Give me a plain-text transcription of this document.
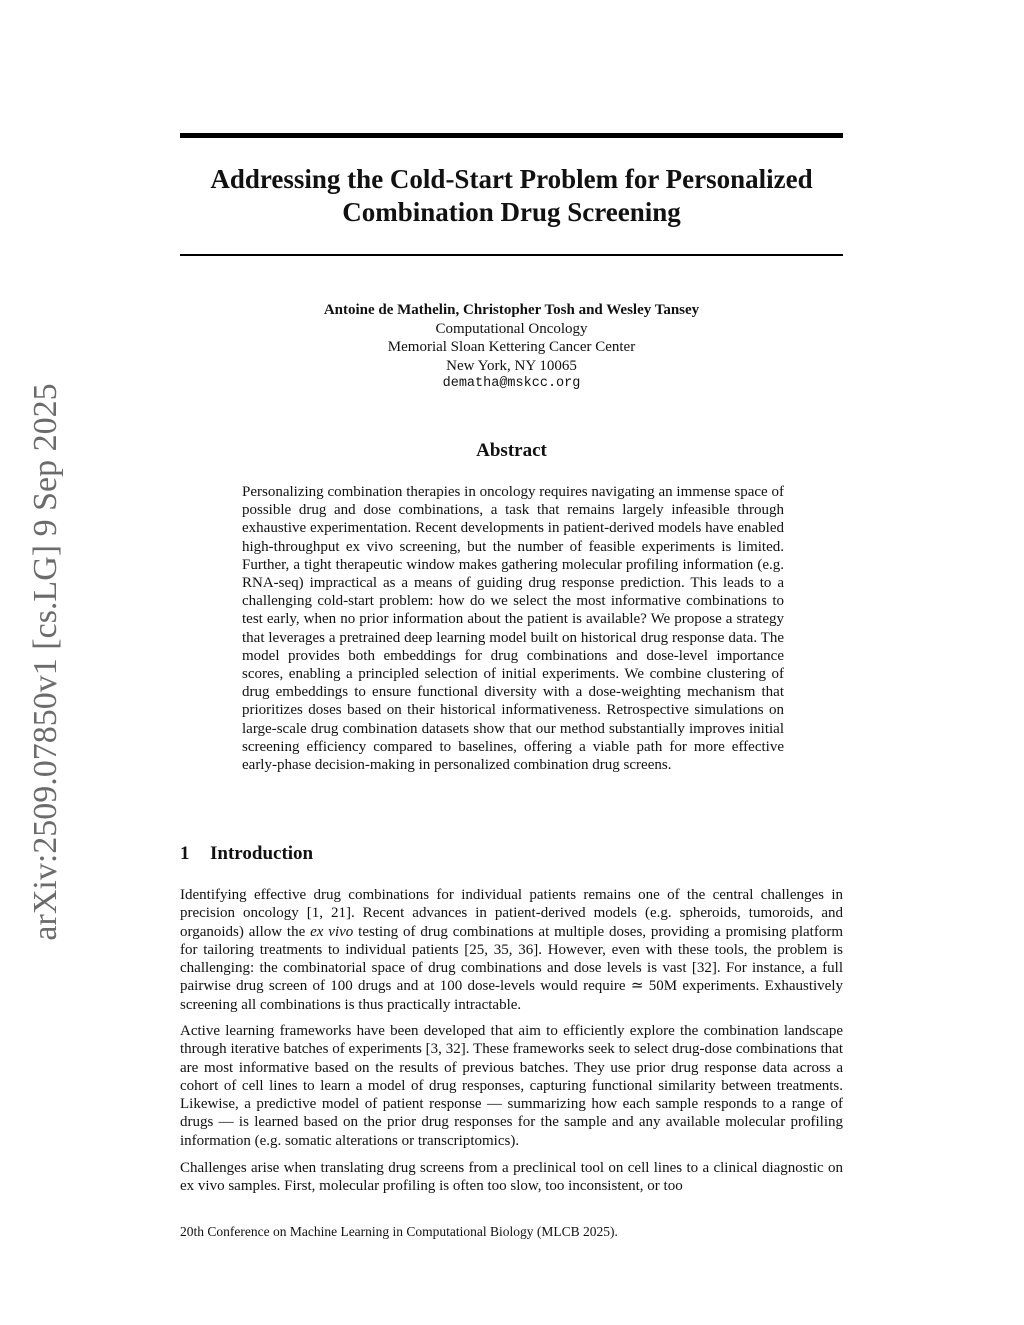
arXiv:2509.07850v1 [cs.LG] 9 Sep 2025
Addressing the Cold-Start Problem for Personalized
Combination Drug Screening
Antoine de Mathelin, Christopher Tosh and Wesley Tansey
Computational Oncology
Memorial Sloan Kettering Cancer Center
New York, NY 10065
dematha@mskcc.org
Abstract

Personalizing combination therapies in oncology requires navigating an immense space of possible drug and dose combinations, a task that remains largely infeasible through exhaustive experimentation. Recent developments in patient-derived models have enabled high-throughput ex vivo screening, but the number of feasible experiments is limited. Further, a tight therapeutic window makes gathering molecular profiling information (e.g. RNA-seq) impractical as a means of guiding drug response prediction. This leads to a challenging cold-start problem: how do we select the most informative combinations to test early, when no prior information about the patient is available? We propose a strategy that leverages a pretrained deep learning model built on historical drug response data. The model provides both embeddings for drug combinations and dose-level importance scores, enabling a principled selection of initial experiments. We combine clustering of drug embeddings to ensure functional diversity with a dose-weighting mechanism that prioritizes doses based on their historical informativeness. Retrospective simulations on large-scale drug combination datasets show that our method substantially improves initial screening efficiency compared to baselines, offering a viable path for more effective early-phase decision-making in personalized combination drug screens.

1 Introduction

Identifying effective drug combinations for individual patients remains one of the central challenges in precision oncology [1, 21]. Recent advances in patient-derived models (e.g. spheroids, tumoroids, and organoids) allow the ex vivo testing of drug combinations at multiple doses, providing a promising platform for tailoring treatments to individual patients [25, 35, 36]. However, even with these tools, the problem is challenging: the combinatorial space of drug combinations and dose levels is vast [32]. For instance, a full pairwise drug screen of 100 drugs and at 100 dose-levels would require ≃ 50M experiments. Exhaustively screening all combinations is thus practically intractable.

Active learning frameworks have been developed that aim to efficiently explore the combination landscape through iterative batches of experiments [3, 32]. These frameworks seek to select drug-dose combinations that are most informative based on the results of previous batches. They use prior drug response data across a cohort of cell lines to learn a model of drug responses, capturing functional similarity between treatments. Likewise, a predictive model of patient response — summarizing how each sample responds to a range of drugs — is learned based on the prior drug responses for the sample and any available molecular profiling information (e.g. somatic alterations or transcriptomics).

Challenges arise when translating drug screens from a preclinical tool on cell lines to a clinical diagnostic on ex vivo samples. First, molecular profiling is often too slow, too inconsistent, or too

20th Conference on Machine Learning in Computational Biology (MLCB 2025).
